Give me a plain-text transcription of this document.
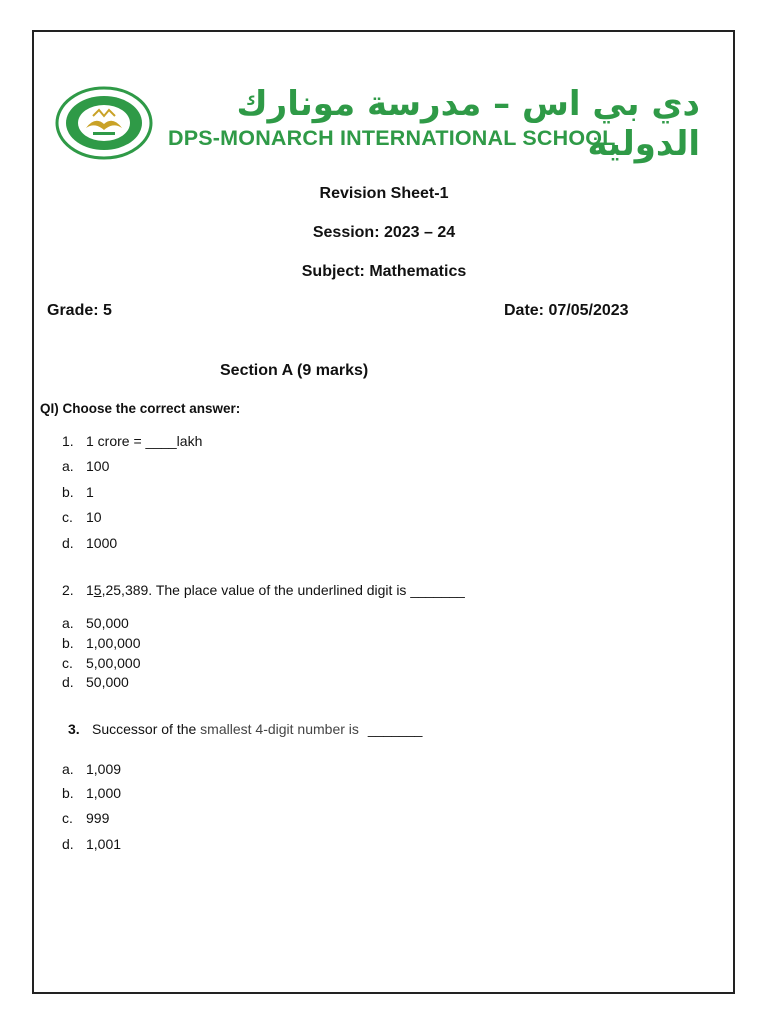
دي بي اس – مدرسة مونارك الدولية
DPS-MONARCH INTERNATIONAL SCHOOL
Revision Sheet-1
Session: 2023 – 24
Subject: Mathematics
Grade: 5	Date: 07/05/2023
Section A (9 marks)
QI) Choose the correct answer:
1. 1 crore = ____lakh
a. 100
b. 1
c. 10
d. 1000
2. 15,25,389. The place value of the underlined digit is _______
a. 50,000
b. 1,00,000
c. 5,00,000
d. 50,000
3. Successor of the smallest 4-digit number is _______
a. 1,009
b. 1,000
c. 999
d. 1,001
